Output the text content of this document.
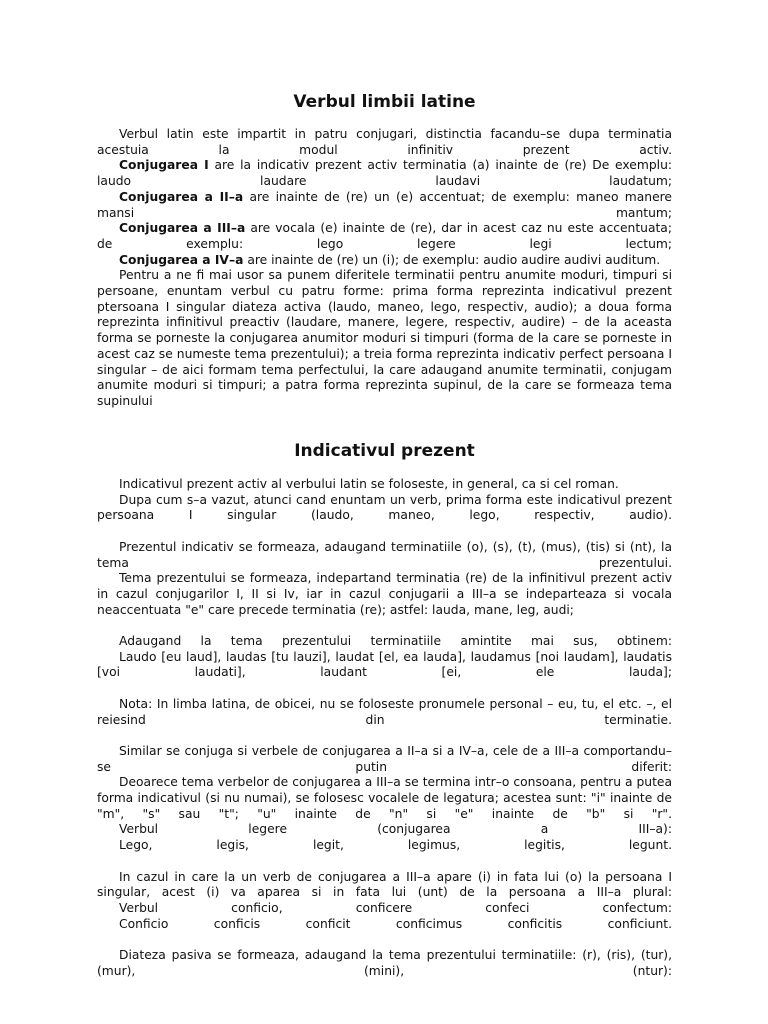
Verbul limbii latine

Verbul latin este impartit in patru conjugari, distinctia facandu–se dupa terminatia acestuia la modul infinitiv prezent activ.

Conjugarea I are la indicativ prezent activ terminatia (a) inainte de (re) De exemplu: laudo laudare laudavi laudatum;

Conjugarea a II–a are inainte de (re) un (e) accentuat; de exemplu: maneo manere mansi mantum;

Conjugarea a III–a are vocala (e) inainte de (re), dar in acest caz nu este accentuata; de exemplu: lego legere legi lectum;

Conjugarea a IV–a are inainte de (re) un (i); de exemplu: audio audire audivi auditum.

Pentru a ne fi mai usor sa punem diferitele terminatii pentru anumite moduri, timpuri si persoane, enuntam verbul cu patru forme: prima forma reprezinta indicativul prezent ptersoana I singular diateza activa (laudo, maneo, lego, respectiv, audio); a doua forma reprezinta infinitivul preactiv (laudare, manere, legere, respectiv, audire) – de la aceasta forma se porneste la conjugarea anumitor moduri si timpuri (forma de la care se porneste in acest caz se numeste tema prezentului); a treia forma reprezinta indicativ perfect persoana I singular – de aici formam tema perfectului, la care adaugand anumite terminatii, conjugam anumite moduri si timpuri; a patra forma reprezinta supinul, de la care se formeaza tema supinului

Indicativul prezent

Indicativul prezent activ al verbului latin se foloseste, in general, ca si cel roman.

Dupa cum s–a vazut, atunci cand enuntam un verb, prima forma este indicativul prezent persoana I singular (laudo, maneo, lego, respectiv, audio).

Prezentul indicativ se formeaza, adaugand terminatiile (o), (s), (t), (mus), (tis) si (nt), la tema prezentului.

Tema prezentului se formeaza, indepartand terminatia (re) de la infinitivul prezent activ in cazul conjugarilor I, II si Iv, iar in cazul conjugarii a III–a se indeparteaza si vocala neaccentuata "e" care precede terminatia (re); astfel: lauda, mane, leg, audi;

Adaugand la tema prezentului terminatiile amintite mai sus, obtinem:

Laudo [eu laud], laudas [tu lauzi], laudat [el, ea lauda], laudamus [noi laudam], laudatis [voi laudati], laudant [ei, ele lauda];

Nota: In limba latina, de obicei, nu se foloseste pronumele personal – eu, tu, el etc. –, el reiesind din terminatie.

Similar se conjuga si verbele de conjugarea a II–a si a IV–a, cele de a III–a comportandu–se putin diferit:

Deoarece tema verbelor de conjugarea a III–a se termina intr–o consoana, pentru a putea forma indicativul (si nu numai), se folosesc vocalele de legatura; acestea sunt: "i" inainte de "m", "s" sau "t"; "u" inainte de "n" si "e" inainte de "b" si "r".

Verbul legere (conjugarea a III–a):

Lego, legis, legit, legimus, legitis, legunt.

In cazul in care la un verb de conjugarea a III–a apare (i) in fata lui (o) la persoana I singular, acest (i) va aparea si in fata lui (unt) de la persoana a III–a plural:

Verbul conficio, conficere confeci confectum:

Conficio conficis conficit conficimus conficitis conficiunt.

Diateza pasiva se formeaza, adaugand la tema prezentului terminatiile: (r), (ris), (tur), (mur), (mini), (ntur):
